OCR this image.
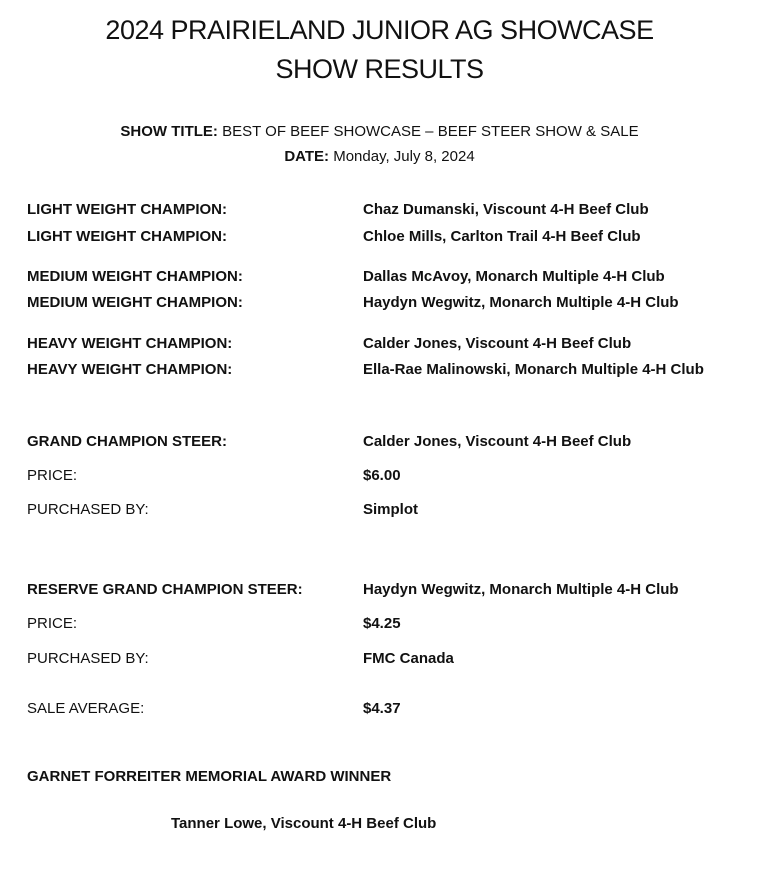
2024 PRAIRIELAND JUNIOR AG SHOWCASE
SHOW RESULTS

SHOW TITLE: BEST OF BEEF SHOWCASE – BEEF STEER SHOW & SALE

DATE: Monday, July 8, 2024

LIGHT WEIGHT CHAMPION:	Chaz Dumanski, Viscount 4-H Beef Club
LIGHT WEIGHT CHAMPION:	Chloe Mills, Carlton Trail 4-H Beef Club
MEDIUM WEIGHT CHAMPION:	Dallas McAvoy, Monarch Multiple 4-H Club
MEDIUM WEIGHT CHAMPION:	Haydyn Wegwitz, Monarch Multiple 4-H Club
HEAVY WEIGHT CHAMPION:	Calder Jones, Viscount 4-H Beef Club
HEAVY WEIGHT CHAMPION:	Ella-Rae Malinowski, Monarch Multiple 4-H Club
GRAND CHAMPION STEER:	Calder Jones, Viscount 4-H Beef Club
PRICE:	$6.00
PURCHASED BY:	Simplot
RESERVE GRAND CHAMPION STEER:	Haydyn Wegwitz, Monarch Multiple 4-H Club
PRICE:	$4.25
PURCHASED BY:	FMC Canada
SALE AVERAGE:	$4.37
GARNET FORREITER MEMORIAL AWARD WINNER
Tanner Lowe, Viscount 4-H Beef Club
